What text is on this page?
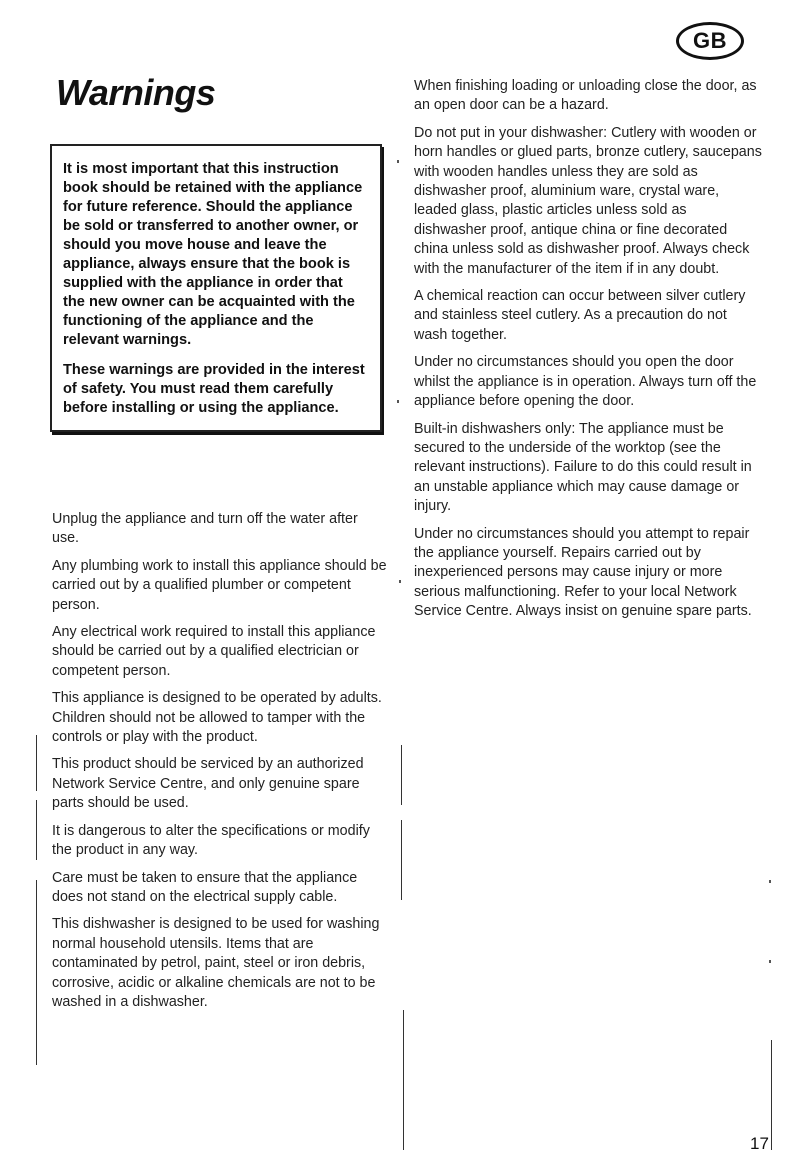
GB
Warnings

It is most important that this instruction book should be retained with the appliance for future reference. Should the appliance be sold or transferred to another owner, or should you move house and leave the appliance, always ensure that the book is supplied with the appliance in order that the new owner can be acquainted with the functioning of the appliance and the relevant warnings.

These warnings are provided in the interest of safety. You must read them carefully before installing or using the appliance.

Unplug the appliance and turn off the water after use.

Any plumbing work to install this appliance should be carried out by a qualified plumber or competent person.

Any electrical work required to install this appliance should be carried out by a qualified electrician or competent person.

This appliance is designed to be operated by adults. Children should not be allowed to tamper with the controls or play with the product.

This product should be serviced by an authorized Network Service Centre, and only genuine spare parts should be used.

It is dangerous to alter the specifications or modify the product in any way.

Care must be taken to ensure that the appliance does not stand on the electrical supply cable.

This dishwasher is designed to be used for washing normal household utensils. Items that are contaminated by petrol, paint, steel or iron debris, corrosive, acidic or alkaline chemicals are not to be washed in a dishwasher.

When finishing loading or unloading close the door, as an open door can be a hazard.

Do not put in your dishwasher: Cutlery with wooden or horn handles or glued parts, bronze cutlery, saucepans with wooden handles unless they are sold as dishwasher proof, aluminium ware, crystal ware, leaded glass, plastic articles unless sold as dishwasher proof, antique china or fine decorated china unless sold as dishwasher proof. Always check with the manufacturer of the item if in any doubt.

A chemical reaction can occur between silver cutlery and stainless steel cutlery. As a precaution do not wash together.

Under no circumstances should you open the door whilst the appliance is in operation. Always turn off the appliance before opening the door.

Built-in dishwashers only: The appliance must be secured to the underside of the worktop (see the relevant instructions). Failure to do this could result in an unstable appliance which may cause damage or injury.

Under no circumstances should you attempt to repair the appliance yourself. Repairs carried out by inexperienced persons may cause injury or more serious malfunctioning. Refer to your local Network Service Centre. Always insist on genuine spare parts.

17
